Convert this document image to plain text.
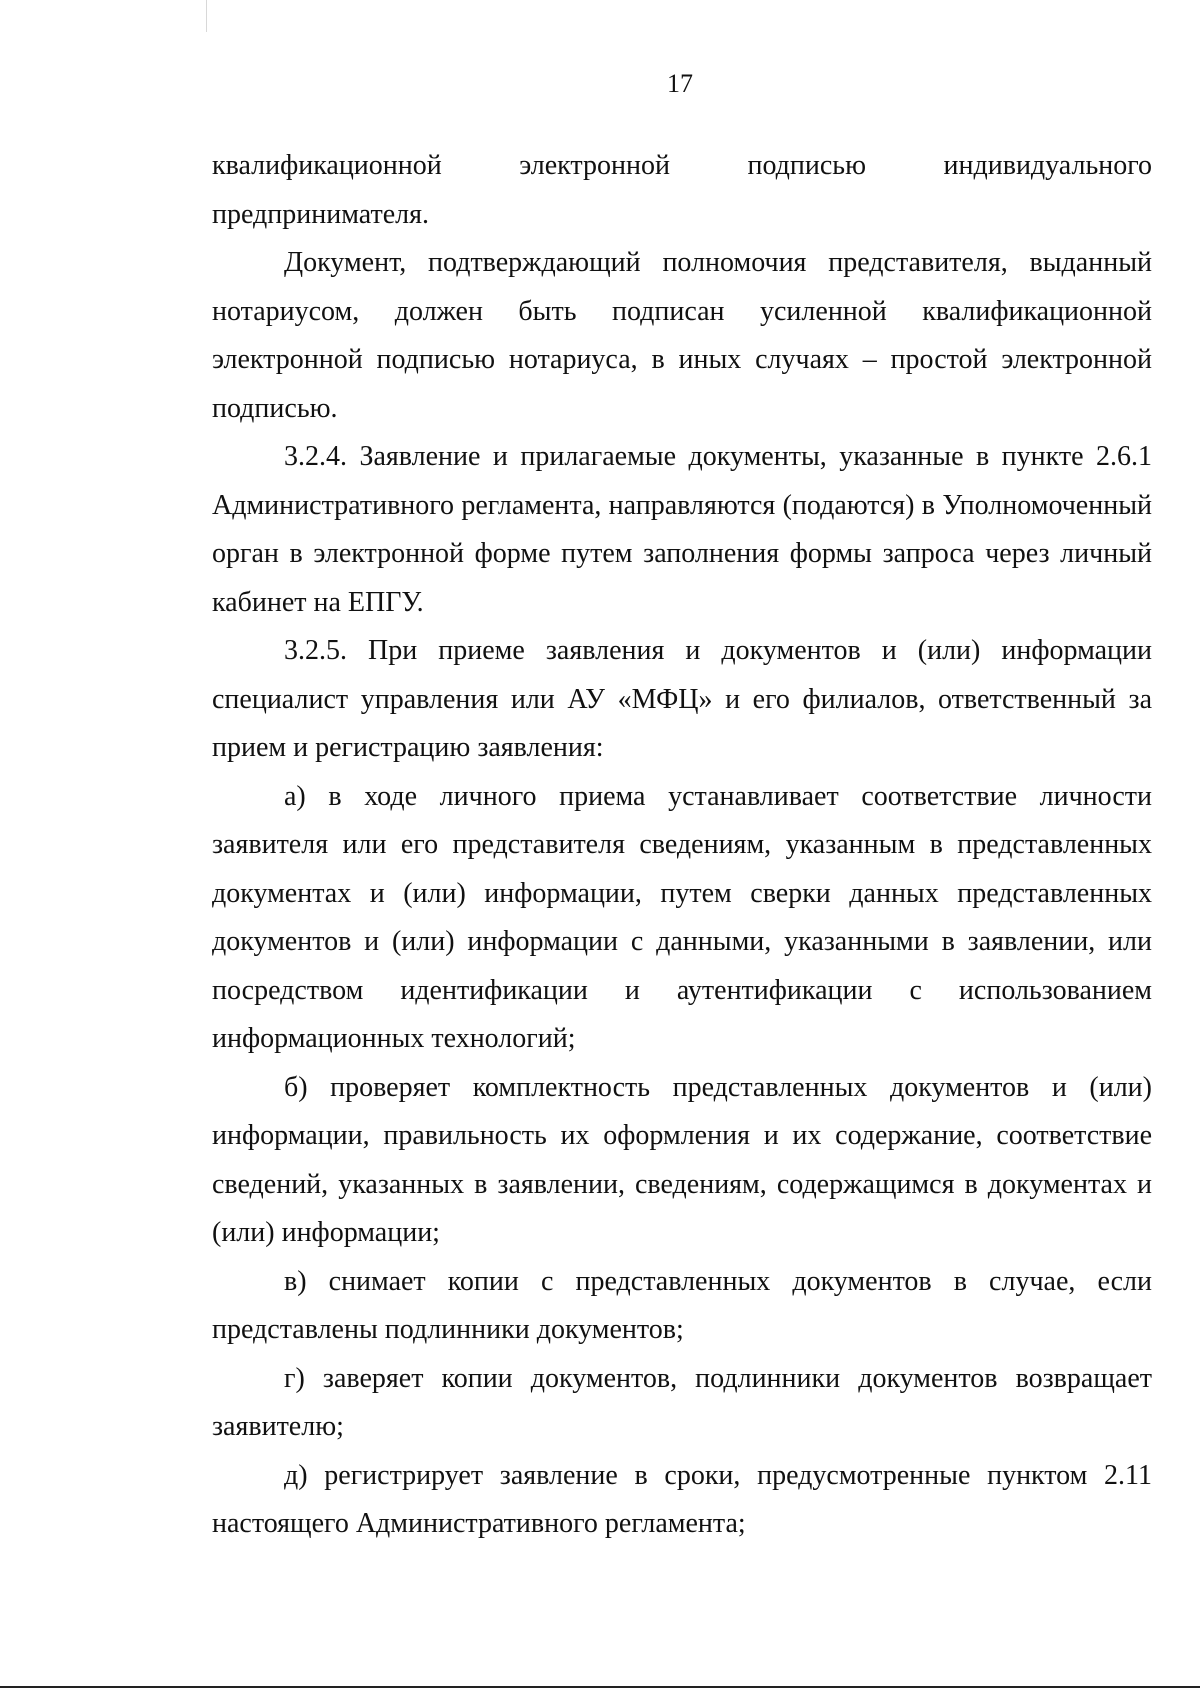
17

квалификационной электронной подписью индивидуального предпринимателя.

Документ, подтверждающий полномочия представителя, выданный нотариусом, должен быть подписан усиленной квалификационной электронной подписью нотариуса, в иных случаях – простой электронной подписью.

3.2.4. Заявление и прилагаемые документы, указанные в пункте 2.6.1 Административного регламента, направляются (подаются) в Уполномоченный орган в электронной форме путем заполнения формы запроса через личный кабинет на ЕПГУ.

3.2.5. При приеме заявления и документов и (или) информации специалист управления или АУ «МФЦ» и его филиалов, ответственный за прием и регистрацию заявления:

а) в ходе личного приема устанавливает соответствие личности заявителя или его представителя сведениям, указанным в представленных документах и (или) информации, путем сверки данных представленных документов и (или) информации с данными, указанными в заявлении, или посредством идентификации и аутентификации с использованием информационных технологий;

б) проверяет комплектность представленных документов и (или) информации, правильность их оформления и их содержание, соответствие сведений, указанных в заявлении, сведениям, содержащимся в документах и (или) информации;

в) снимает копии с представленных документов в случае, если представлены подлинники документов;

г) заверяет копии документов, подлинники документов возвращает заявителю;

д) регистрирует заявление в сроки, предусмотренные пунктом 2.11 настоящего Административного регламента;
